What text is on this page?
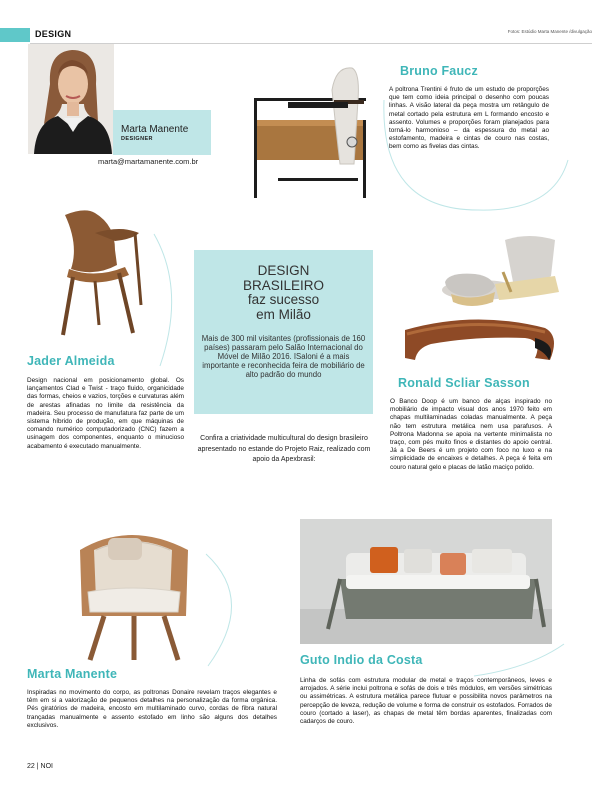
DESIGN	Fotos: Estúdio Marta Manente /divulgação
Marta Manente
DESIGNER
marta@martamanente.com.br
Bruno Faucz
A poltrona Trentini é fruto de um estudo de proporções que tem como ideia principal o desenho com poucas linhas. A visão lateral da peça mostra um retângulo de metal cortado pela estrutura em L formando encosto e assento. Volumes e proporções foram planejados para torná-lo harmonioso – da espessura do metal ao estofamento, madeira e cintas de couro nas costas, bem como as fivelas das cintas.
Jader Almeida
Design nacional em posicionamento global. Os lançamentos Clad e Twist - traço fluido, organicidade das formas, cheios e vazios, torções e curvaturas além de arestas afinadas no limite da resistência da madeira. Seu processo de manufatura faz parte de um sistema híbrido de produção, em que máquinas de comando numérico computadorizado (CNC) fazem a usinagem dos componentes, enquanto o minucioso acabamento é executado manualmente.
DESIGN
BRASILEIRO
faz sucesso
em Milão
Mais de 300 mil visitantes (profissionais de 160 países) passaram pelo Salão Internacional do Móvel de Milão 2016. ISaloni é a mais importante e reconhecida feira de mobiliário de alto padrão do mundo
Confira a criatividade multicultural do design brasileiro apresentado no estande do Projeto Raiz, realizado com apoio da Apexbrasil:
Ronald Scliar Sasson
O Banco Doop é um banco de alças inspirado no mobiliário de impacto visual dos anos 1970 feito em chapas multilaminadas coladas manualmente. A peça não tem estrutura metálica nem usa parafusos. A Poltrona Madonna se apoia na vertente minimalista no traço, com pés muito finos e distantes do apoio central. Já a De Beers é um projeto com foco no luxo e na simplicidade de encaixes e detalhes. A peça é feita em couro natural gelo e placas de latão maciço polido.
Marta Manente
Inspiradas no movimento do corpo, as poltronas Donaire revelam traços elegantes e têm em si a valorização de pequenos detalhes na personalização da forma orgânica. Pés giratórios de madeira, encosto em multilaminado curvo, cordas de fibra natural trançadas manualmente e assento estofado em linho são alguns dos detalhes exclusivos.
Guto Indio da Costa
Linha de sofás com estrutura modular de metal e traços contemporâneos, leves e arrojados. A série inclui poltrona e sofás de dois e três módulos, em versões simétricas ou assimétricas. A estrutura metálica parece flutuar e possibilita novos parâmetros na percepção de leveza, redução de volume e forma de construir os estofados. Forrados de couro (cortado a laser), as chapas de metal têm bordas aparentes, finalizadas com cadarços de couro.
22 | NOI
